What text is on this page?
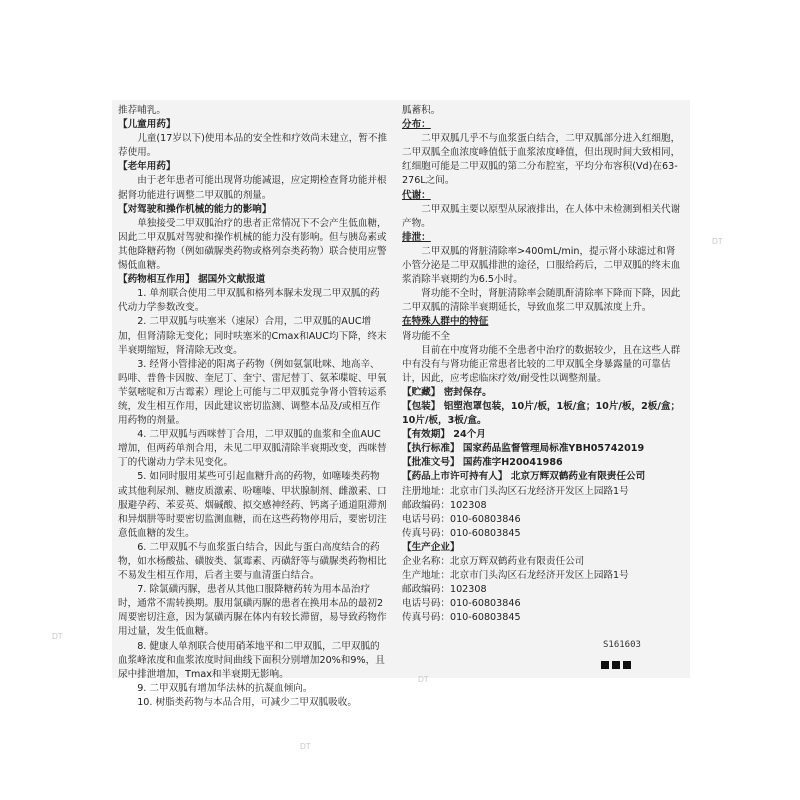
推荐哺乳。

【儿童用药】

儿童(17岁以下)使用本品的安全性和疗效尚未建立，暂不推荐使用。

【老年用药】

由于老年患者可能出现肾功能减退，应定期检查肾功能并根据肾功能进行调整二甲双胍的剂量。

【对驾驶和操作机械的能力的影响】

单独接受二甲双胍治疗的患者正常情况下不会产生低血糖，因此二甲双胍对驾驶和操作机械的能力没有影响。但与胰岛素或其他降糖药物（例如磺脲类药物或格列奈类药物）联合使用应警惕低血糖。

【药物相互作用】 据国外文献报道

1. 单剂联合使用二甲双胍和格列本脲未发现二甲双胍的药代动力学参数改变。

2. 二甲双胍与呋塞米（速尿）合用，二甲双胍的AUC增加，但肾清除无变化；同时呋塞米的Cmax和AUC均下降，终末半衰期缩短，肾清除无改变。

3. 经肾小管排泌的阳离子药物（例如氨氯吡咪、地高辛、吗啡、普鲁卡因胺、奎尼丁、奎宁、雷尼替丁、氨苯喋啶、甲氧苄氨嘧啶和万古霉素）理论上可能与二甲双胍竞争肾小管转运系统，发生相互作用，因此建议密切监测、调整本品及/或相互作用药物的剂量。

4. 二甲双胍与西咪替丁合用，二甲双胍的血浆和全血AUC增加，但两药单剂合用，未见二甲双胍清除半衰期改变，西咪替丁的代谢动力学未见变化。

5. 如同时服用某些可引起血糖升高的药物，如噻嗪类药物或其他利尿剂、糖皮质激素、吩噻嗪、甲状腺制剂、雌激素、口服避孕药、苯妥英、烟碱酸、拟交感神经药、钙离子通道阻滞剂和异烟肼等时要密切监测血糖，而在这些药物停用后，要密切注意低血糖的发生。

6. 二甲双胍不与血浆蛋白结合，因此与蛋白高度结合的药物，如水杨酸盐、磺胺类、氯霉素、丙磺舒等与磺脲类药物相比不易发生相互作用，后者主要与血清蛋白结合。

7. 除氯磺丙脲，患者从其他口服降糖药转为用本品治疗时，通常不需转换期。服用氯磺丙脲的患者在换用本品的最初2周要密切注意，因为氯磺丙脲在体内有较长滞留，易导致药物作用过量，发生低血糖。

8. 健康人单剂联合使用硝苯地平和二甲双胍，二甲双胍的血浆峰浓度和血浆浓度时间曲线下面积分别增加20%和9%，且尿中排泄增加，Tmax和半衰期无影响。

9. 二甲双胍有增加华法林的抗凝血倾向。

10. 树脂类药物与本品合用，可减少二甲双胍吸收。

胍蓄积。

分布：

二甲双胍几乎不与血浆蛋白结合，二甲双胍部分进入红细胞，二甲双胍全血浓度峰值低于血浆浓度峰值，但出现时间大致相同，红细胞可能是二甲双胍的第二分布腔室，平均分布容积(Vd)在63-276L之间。

代谢：

二甲双胍主要以原型从尿液排出，在人体中未检测到相关代谢产物。

排泄：

二甲双胍的肾脏清除率>400mL/min，提示肾小球滤过和肾小管分泌是二甲双胍排泄的途径，口服给药后，二甲双胍的终末血浆消除半衰期约为6.5小时。

肾功能不全时，肾脏清除率会随肌酐清除率下降而下降，因此二甲双胍的清除半衰期延长，导致血浆二甲双胍浓度上升。

在特殊人群中的特征

肾功能不全

目前在中度肾功能不全患者中治疗的数据较少，且在这些人群中有没有与肾功能正常患者比较的二甲双胍全身暴露量的可靠估计，因此，应考虑临床疗效/耐受性以调整剂量。

【贮藏】 密封保存。

【包装】 铝塑泡罩包装，10片/板，1板/盒；10片/板，2板/盒；10片/板，3板/盒。

【有效期】 24个月

【执行标准】 国家药品监督管理局标准YBH05742019

【批准文号】 国药准字H20041986

【药品上市许可持有人】 北京万辉双鹤药业有限责任公司

注册地址：北京市门头沟区石龙经济开发区上园路1号

邮政编码：102308

电话号码：010-60803846

传真号码：010-60803845

【生产企业】

企业名称：北京万辉双鹤药业有限责任公司

生产地址：北京市门头沟区石龙经济开发区上园路1号

邮政编码：102308

电话号码：010-60803846

传真号码：010-60803845

S161603
DT
DT
DT
DT
